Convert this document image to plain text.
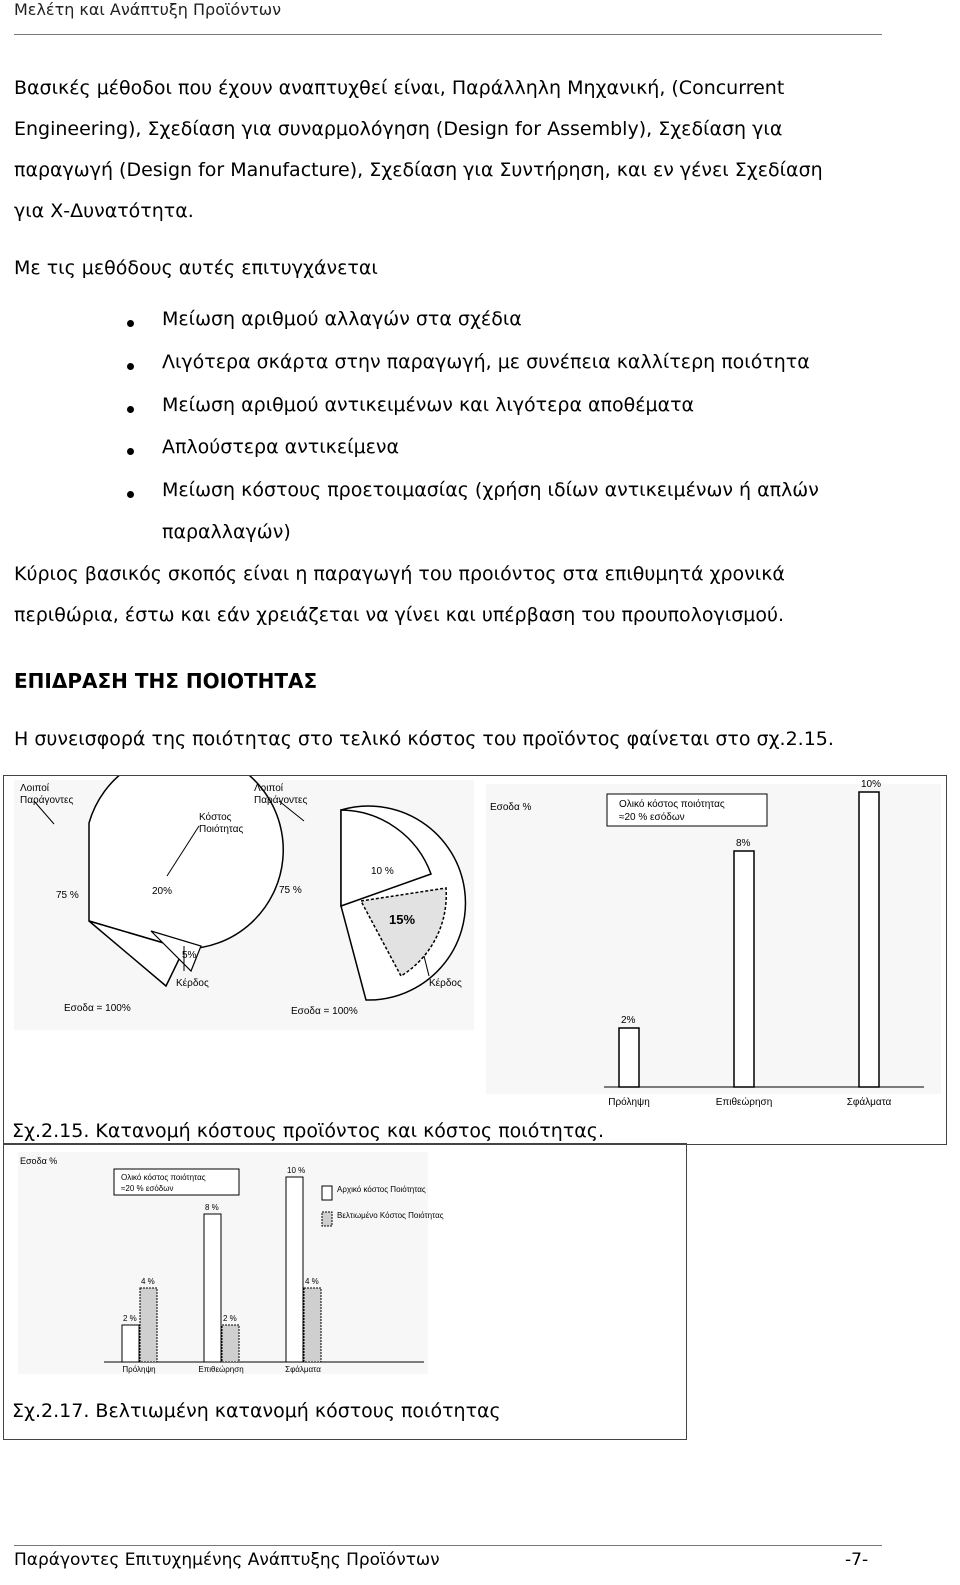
Μελέτη και Ανάπτυξη Προϊόντων
Βασικές μέθοδοι που έχουν αναπτυχθεί είναι, Παράλληλη Μηχανική, (Concurrent
Engineering), Σχεδίαση για συναρμολόγηση (Design for Assembly), Σχεδίαση για
παραγωγή (Design for Manufacture), Σχεδίαση για Συντήρηση, και εν γένει Σχεδίαση
για Χ-Δυνατότητα.
Με τις μεθόδους αυτές επιτυγχάνεται
Μείωση αριθμού αλλαγών στα σχέδια
Λιγότερα σκάρτα στην παραγωγή, με συνέπεια καλλίτερη ποιότητα
Μείωση αριθμού αντικειμένων και λιγότερα αποθέματα
Απλούστερα αντικείμενα
Μείωση κόστους προετοιμασίας (χρήση ιδίων αντικειμένων ή απλών
παραλλαγών)
Κύριος βασικός σκοπός είναι η παραγωγή του προιόντος στα επιθυμητά χρονικά
περιθώρια, έστω και εάν χρειάζεται να γίνει και υπέρβαση του προυπολογισμού.
ΕΠΙΔΡΑΣΗ ΤΗΣ ΠΟΙΟΤΗΤΑΣ
Η συνεισφορά της ποιότητας στο τελικό κόστος του προϊόντος φαίνεται στο σχ.2.15.
Λοιποί
Παράγοντες
Κόστος
Ποιότητας
75 %	20%
5%
Κέρδος
Εσοδα = 100%
Λοιποί
Παράγοντες
10 %
75 %
15%
Κέρδος
Εσοδα = 100%
Εσοδα %	Ολικό κόστος ποιότητας
≈20 % εσόδων
2%
Πρόληψη
8%
Επιθεώρηση
10%
Σφάλματα
Σχ.2.15. Κατανομή κόστους προϊόντος και κόστος ποιότητας.
Εσοδα %
Ολικό κόστος ποιότητας
≈20 % εσόδων	Αρχικό κόστος Ποιότητας
Βελτιωμένο Κόστος Ποιότητας
2 %
4 %
Πρόληψη
8 %
2 %
Επιθεώρηση
10 %
4 %
Σφάλματα
Σχ.2.17. Βελτιωμένη κατανομή κόστους ποιότητας
Παράγοντες Επιτυχημένης Ανάπτυξης Προϊόντων	-7-
